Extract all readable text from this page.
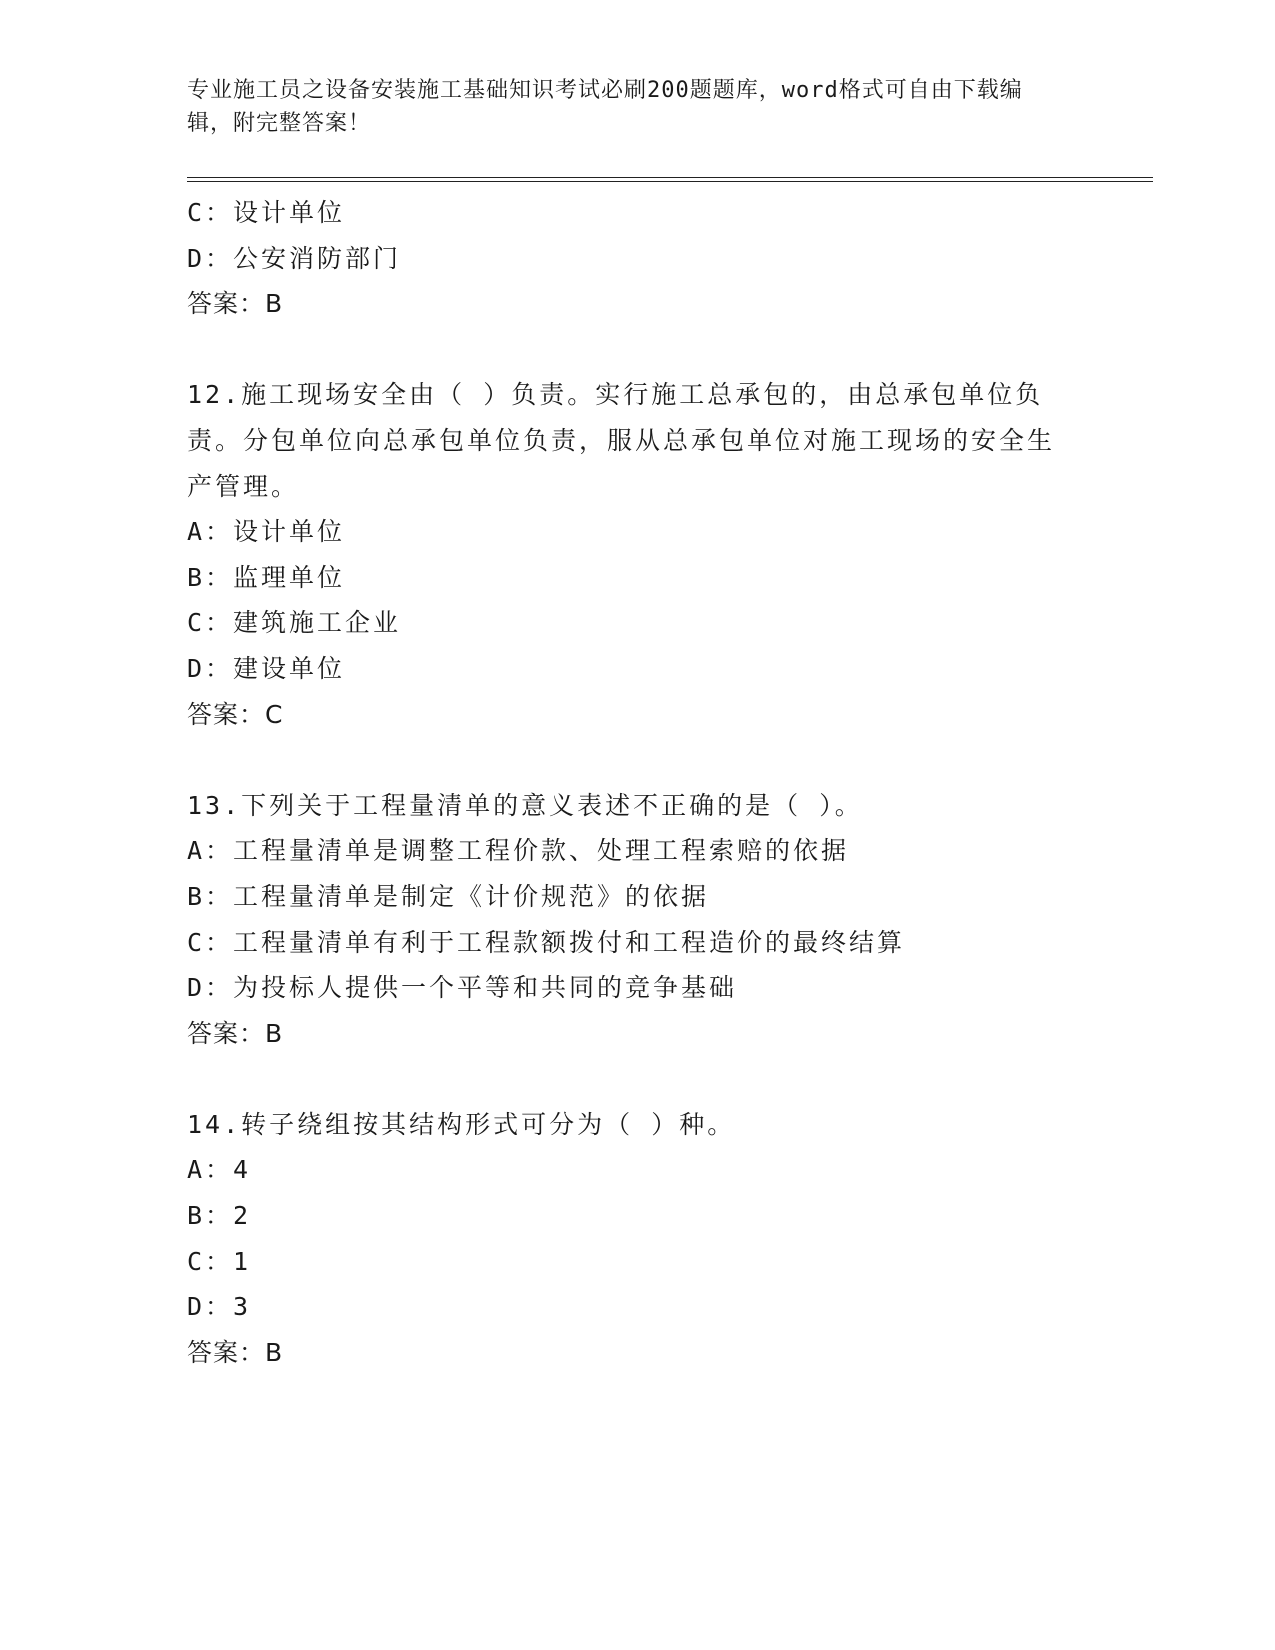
专业施工员之设备安装施工基础知识考试必刷200题题库，word格式可自由下载编辑，附完整答案！
C：设计单位
D：公安消防部门
答案：B
12.施工现场安全由（ ）负责。实行施工总承包的，由总承包单位负责。分包单位向总承包单位负责，服从总承包单位对施工现场的安全生产管理。
A：设计单位
B：监理单位
C：建筑施工企业
D：建设单位
答案：C
13.下列关于工程量清单的意义表述不正确的是（ ）。
A：工程量清单是调整工程价款、处理工程索赔的依据
B：工程量清单是制定《计价规范》的依据
C：工程量清单有利于工程款额拨付和工程造价的最终结算
D：为投标人提供一个平等和共同的竞争基础
答案：B
14.转子绕组按其结构形式可分为（ ）种。
A：4
B：2
C：1
D：3
答案：B
